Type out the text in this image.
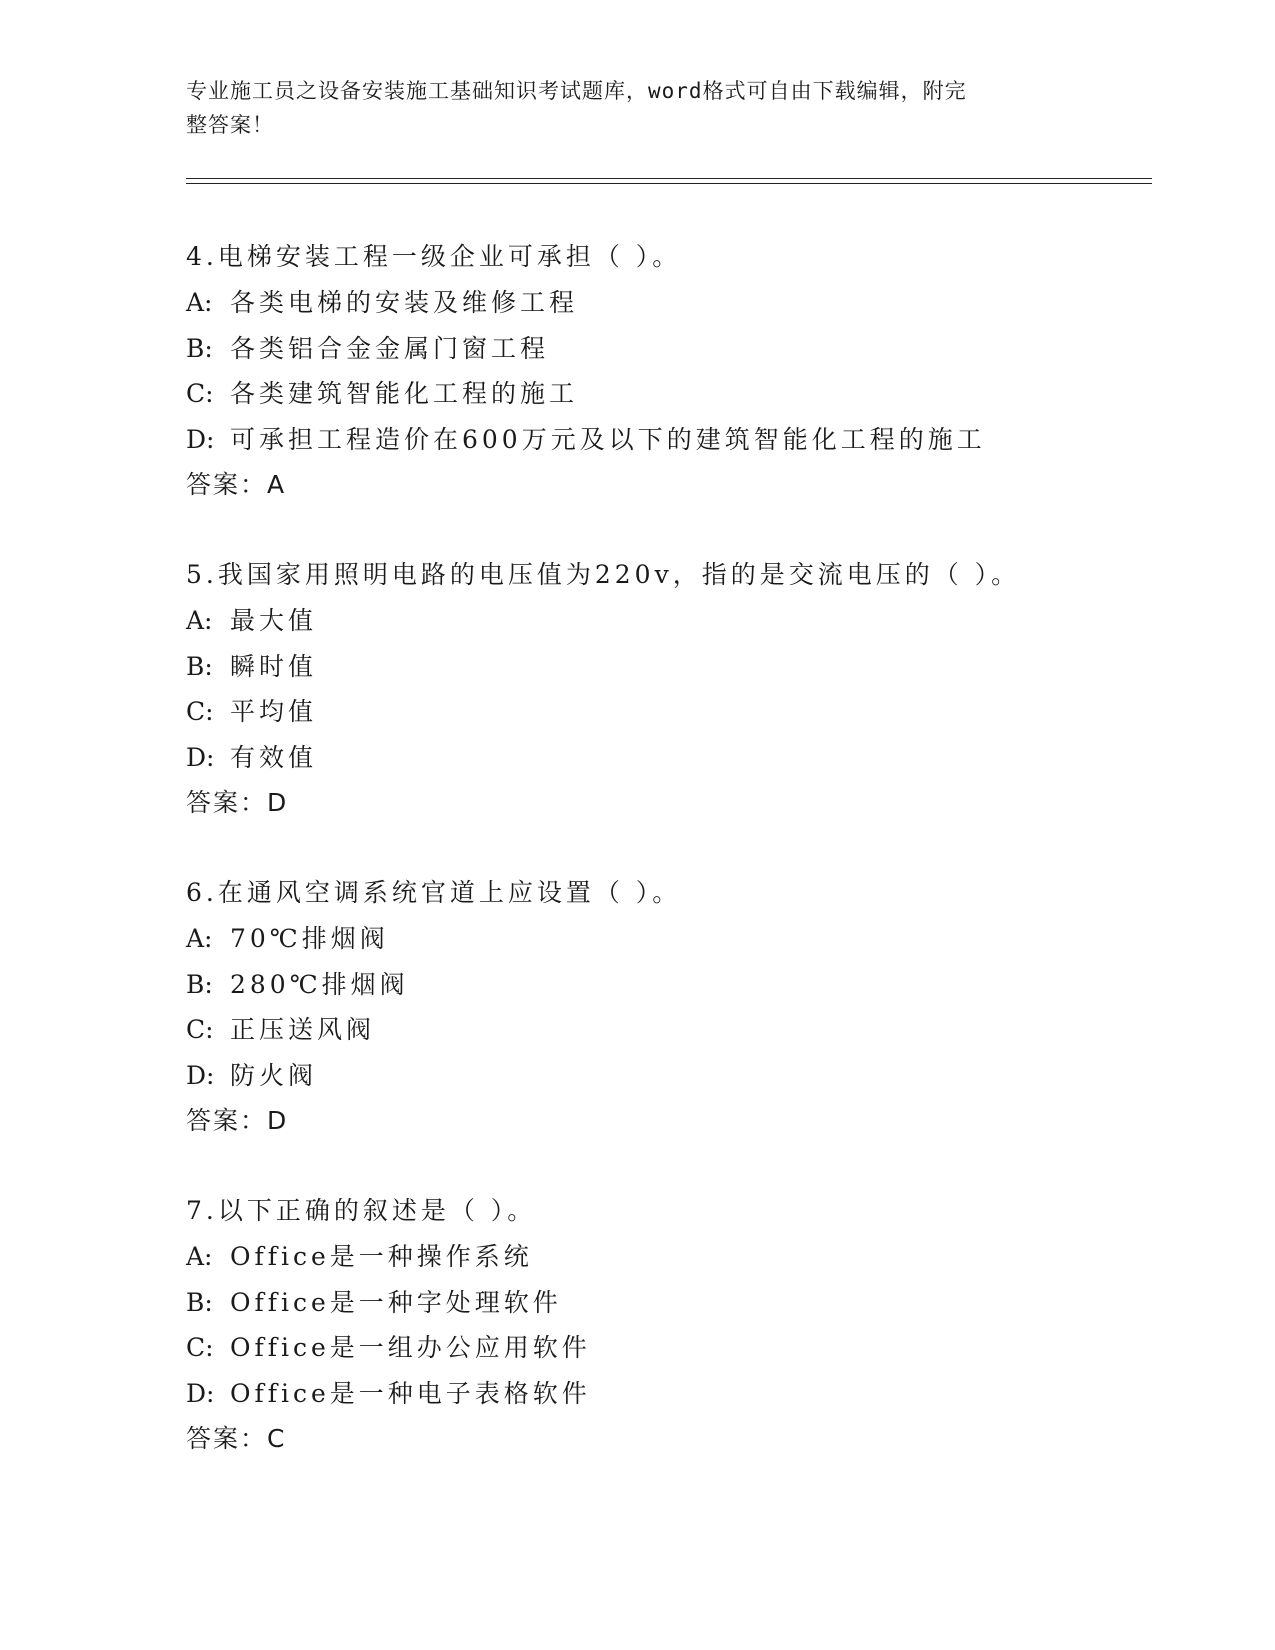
专业施工员之设备安装施工基础知识考试题库，word格式可自由下载编辑，附完
整答案！
4.电梯安装工程一级企业可承担（ ）。
A: 各类电梯的安装及维修工程
B: 各类铝合金金属门窗工程
C: 各类建筑智能化工程的施工
D: 可承担工程造价在600万元及以下的建筑智能化工程的施工
答案：A
5.我国家用照明电路的电压值为220v，指的是交流电压的（ ）。
A: 最大值
B: 瞬时值
C: 平均值
D: 有效值
答案：D
6.在通风空调系统官道上应设置（ ）。
A: 70℃排烟阀
B: 280℃排烟阀
C: 正压送风阀
D: 防火阀
答案：D
7.以下正确的叙述是（ ）。
A: Office是一种操作系统
B: Office是一种字处理软件
C: Office是一组办公应用软件
D: Office是一种电子表格软件
答案：C
